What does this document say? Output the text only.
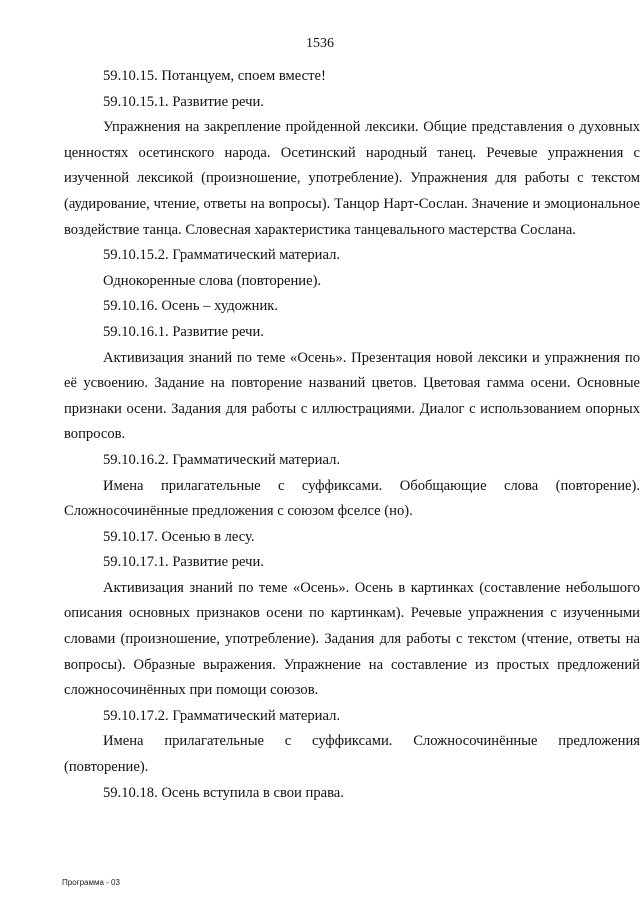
1536

59.10.15. Потанцуем, споем вместе!

59.10.15.1. Развитие речи.

Упражнения на закрепление пройденной лексики. Общие представления о духовных ценностях осетинского народа. Осетинский народный танец. Речевые упражнения с изученной лексикой (произношение, употребление). Упражнения для работы с текстом (аудирование, чтение, ответы на вопросы). Танцор Нарт-Сослан. Значение и эмоциональное воздействие танца. Словесная характеристика танцевального мастерства Сослана.

59.10.15.2. Грамматический материал.

Однокоренные слова (повторение).

59.10.16. Осень – художник.

59.10.16.1. Развитие речи.

Активизация знаний по теме «Осень». Презентация новой лексики и упражнения по её усвоению. Задание на повторение названий цветов. Цветовая гамма осени. Основные признаки осени. Задания для работы с иллюстрациями. Диалог с использованием опорных вопросов.

59.10.16.2. Грамматический материал.

Имена прилагательные с суффиксами. Обобщающие слова (повторение). Сложносочинённые предложения с союзом фселсе (но).

59.10.17. Осенью в лесу.

59.10.17.1. Развитие речи.

Активизация знаний по теме «Осень». Осень в картинках (составление небольшого описания основных признаков осени по картинкам). Речевые упражнения с изученными словами (произношение, употребление). Задания для работы с текстом (чтение, ответы на вопросы). Образные выражения. Упражнение на составление из простых предложений сложносочинённых при помощи союзов.

59.10.17.2. Грамматический материал.

Имена прилагательные с суффиксами. Сложносочинённые предложения (повторение).

59.10.18. Осень вступила в свои права.

Программа - 03
